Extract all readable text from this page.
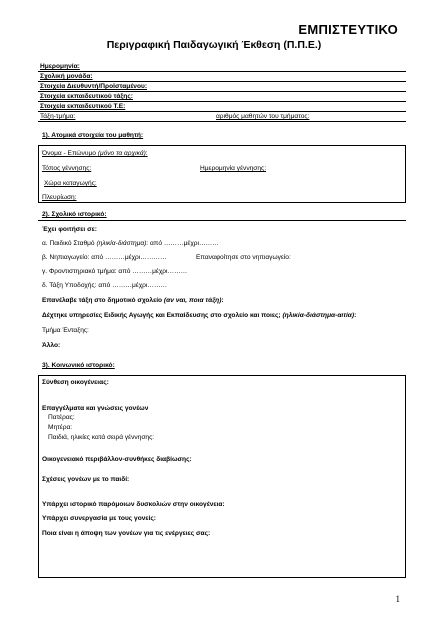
ΕΜΠΙΣΤΕΥΤΙΚΟ
Περιγραφική Παιδαγωγική Έκθεση (Π.Π.Ε.)
Ημερομηνία:
Σχολική μονάδα:
Στοιχεία Διευθυντή/Προϊσταμένου:
Στοιχεία εκπαιδευτικού τάξης:
Στοιχεία εκπαιδευτικού Τ.Ε:
Τάξη-τμήμα:	αριθμός μαθητών του τμήματος:
1). Ατομικά στοιχεία του μαθητή:
Όνομα - Επώνυμο (μόνο τα αρχικά):
Τόπος γέννησης:	Ημερομηνία γέννησης:
Χώρα καταγωγής:
Πλευρίωση:
2). Σχολικό ιστορικό:
Έχει φοιτήσει σε:
α. Παιδικό Σταθμό (ηλικία-διάστημα): από ………μέχρι………
β. Νηπιαγωγείο: από ………μέχρι…………	Επαναφοίτησε στο νηπιαγωγείο:
γ. Φροντιστηριακό τμήμα: από ………μέχρι………
δ. Τάξη Υποδοχής: από ………μέχρι………
Επανέλαβε τάξη στο δημοτικό σχολείο (αν ναι, ποια τάξη):
Δέχτηκε υπηρεσίες Ειδικής Αγωγής και Εκπαίδευσης στο σχολείο και ποιες; (ηλικία-διάστημα-αιτία):
Τμήμα Ένταξης:
Άλλο:
3). Κοινωνικό ιστορικό:
Σύνθεση οικογένειας:
Επαγγέλματα και γνώσεις γονέων
Πατέρας:
Μητέρα:
Παιδιά, ηλικίες κατά σειρά γέννησης:
Οικογενειακό περιβάλλον-συνθήκες διαβίωσης:
Σχέσεις γονέων με το παιδί:
Υπάρχει ιστορικό παρόμοιων δυσκολιών στην οικογένεια:
Υπάρχει συνεργασία με τους γονείς:
Ποια είναι η άποψη των γονέων για τις ενέργειες σας:
1
